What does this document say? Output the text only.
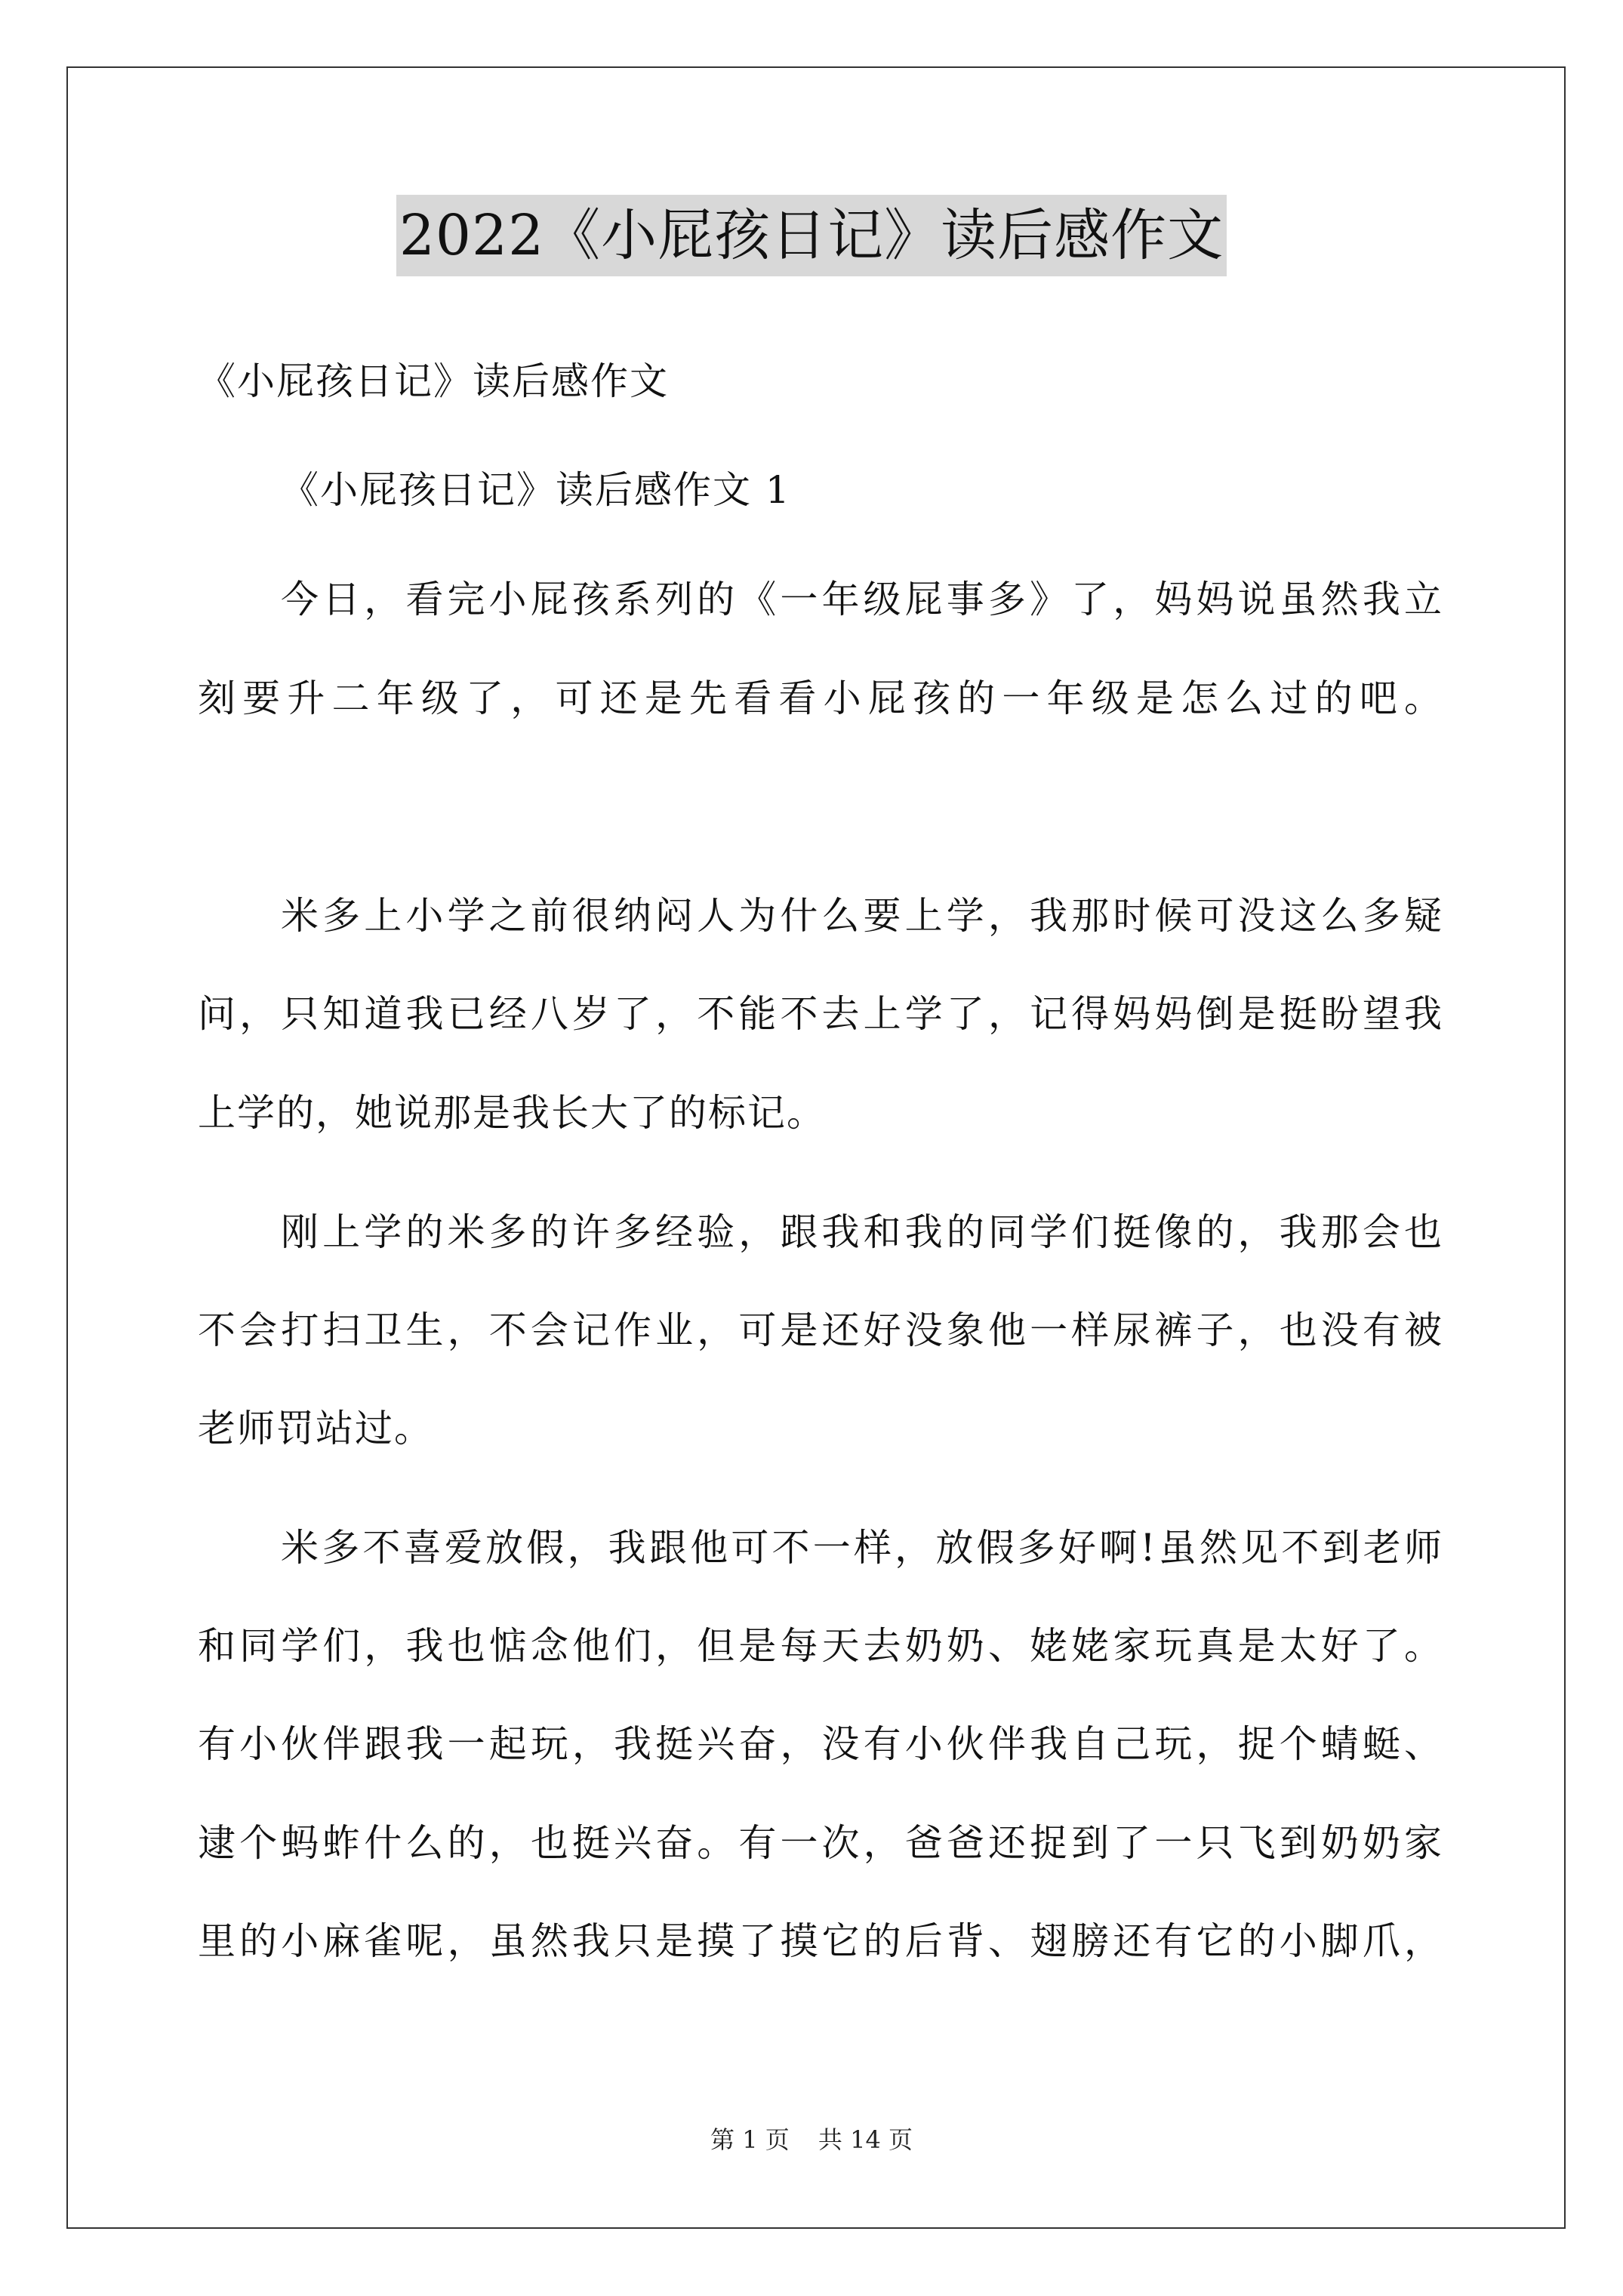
2022《小屁孩日记》读后感作文
《小屁孩日记》读后感作文
《小屁孩日记》读后感作文 1
今日，看完小屁孩系列的《一年级屁事多》了，妈妈说虽然我立
刻要升二年级了，可还是先看看小屁孩的一年级是怎么过的吧。
米多上小学之前很纳闷人为什么要上学，我那时候可没这么多疑
问，只知道我已经八岁了，不能不去上学了，记得妈妈倒是挺盼望我
上学的，她说那是我长大了的标记。
刚上学的米多的许多经验，跟我和我的同学们挺像的，我那会也
不会打扫卫生，不会记作业，可是还好没象他一样尿裤子，也没有被
老师罚站过。
米多不喜爱放假，我跟他可不一样，放假多好啊!虽然见不到老师
和同学们，我也惦念他们，但是每天去奶奶、姥姥家玩真是太好了。
有小伙伴跟我一起玩，我挺兴奋，没有小伙伴我自己玩，捉个蜻蜓、
逮个蚂蚱什么的，也挺兴奋。有一次，爸爸还捉到了一只飞到奶奶家
里的小麻雀呢，虽然我只是摸了摸它的后背、翅膀还有它的小脚爪，
第 1 页 共 14 页
